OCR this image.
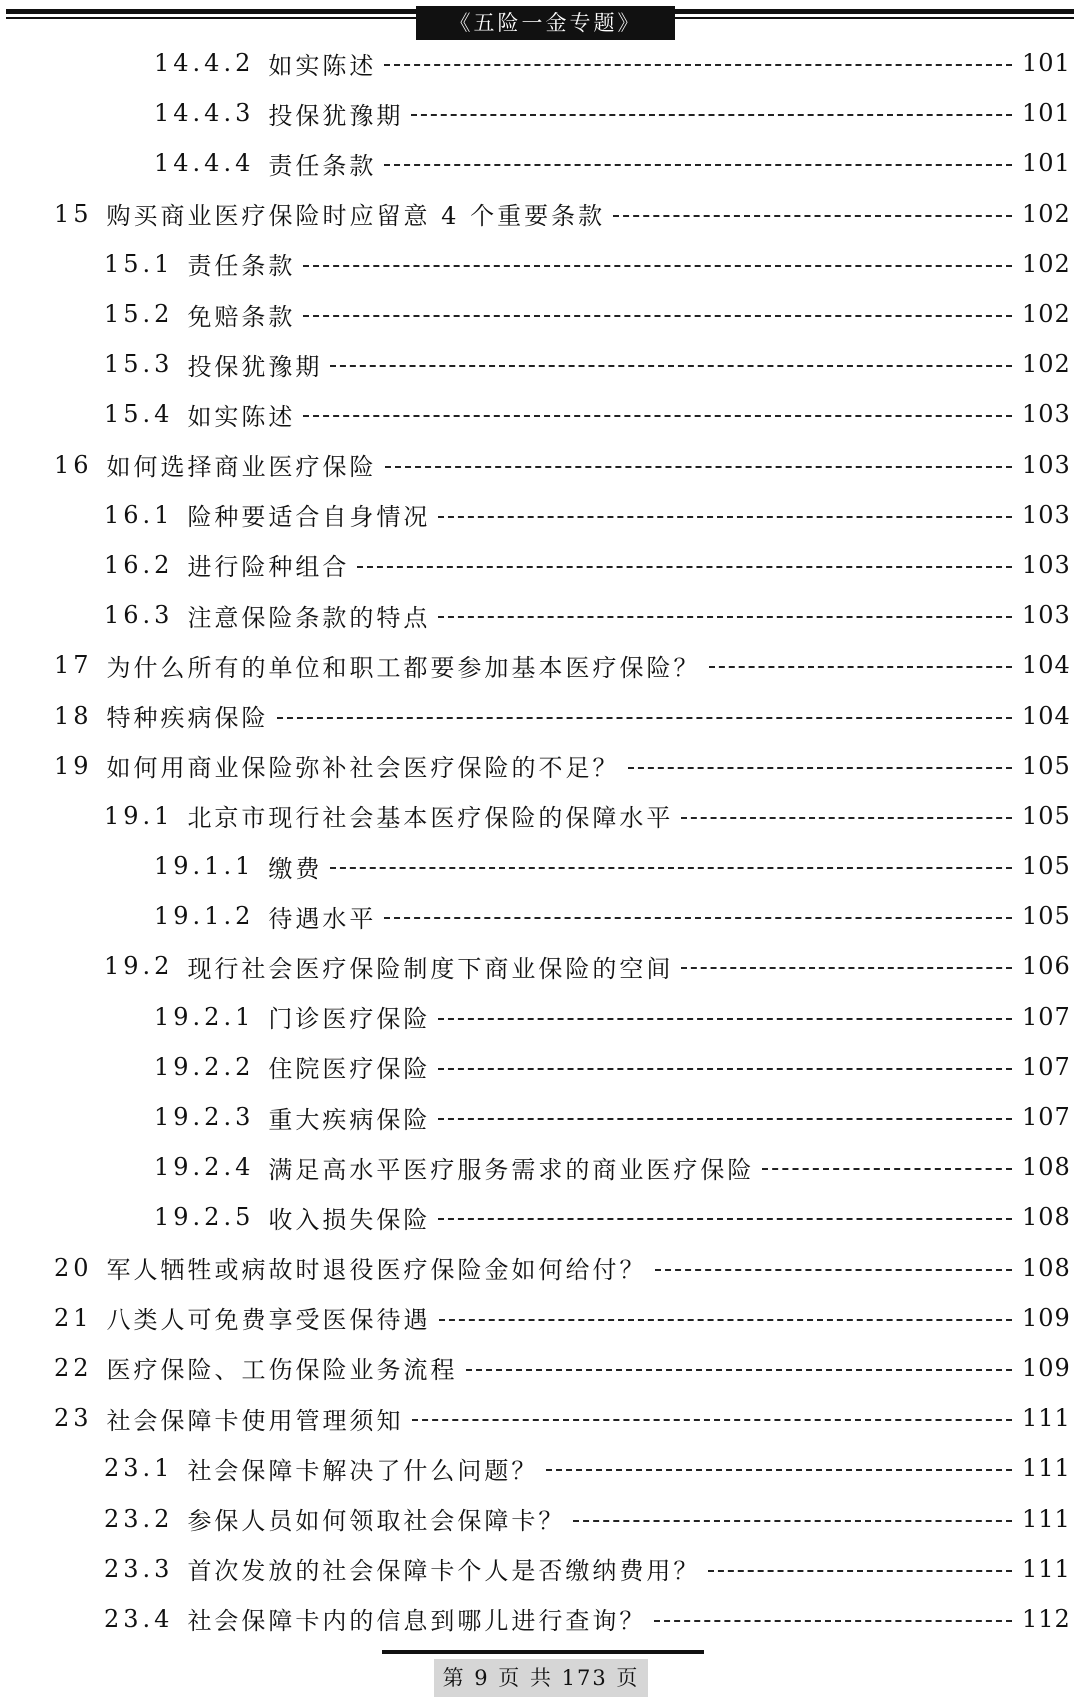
《五险一金专题》
14.4.2 如实陈述	101
14.4.3 投保犹豫期	101
14.4.4 责任条款	101
15 购买商业医疗保险时应留意 4 个重要条款	102
15.1 责任条款	102
15.2 免赔条款	102
15.3 投保犹豫期	102
15.4 如实陈述	103
16 如何选择商业医疗保险	103
16.1 险种要适合自身情况	103
16.2 进行险种组合	103
16.3 注意保险条款的特点	103
17 为什么所有的单位和职工都要参加基本医疗保险？	104
18 特种疾病保险	104
19 如何用商业保险弥补社会医疗保险的不足？	105
19.1 北京市现行社会基本医疗保险的保障水平	105
19.1.1 缴费	105
19.1.2 待遇水平	105
19.2 现行社会医疗保险制度下商业保险的空间	106
19.2.1 门诊医疗保险	107
19.2.2 住院医疗保险	107
19.2.3 重大疾病保险	107
19.2.4 满足高水平医疗服务需求的商业医疗保险	108
19.2.5 收入损失保险	108
20 军人牺牲或病故时退役医疗保险金如何给付？	108
21 八类人可免费享受医保待遇	109
22 医疗保险、工伤保险业务流程	109
23 社会保障卡使用管理须知	111
23.1 社会保障卡解决了什么问题？	111
23.2 参保人员如何领取社会保障卡？	111
23.3 首次发放的社会保障卡个人是否缴纳费用？	111
23.4 社会保障卡内的信息到哪儿进行查询？	112
第 9 页 共 173 页
